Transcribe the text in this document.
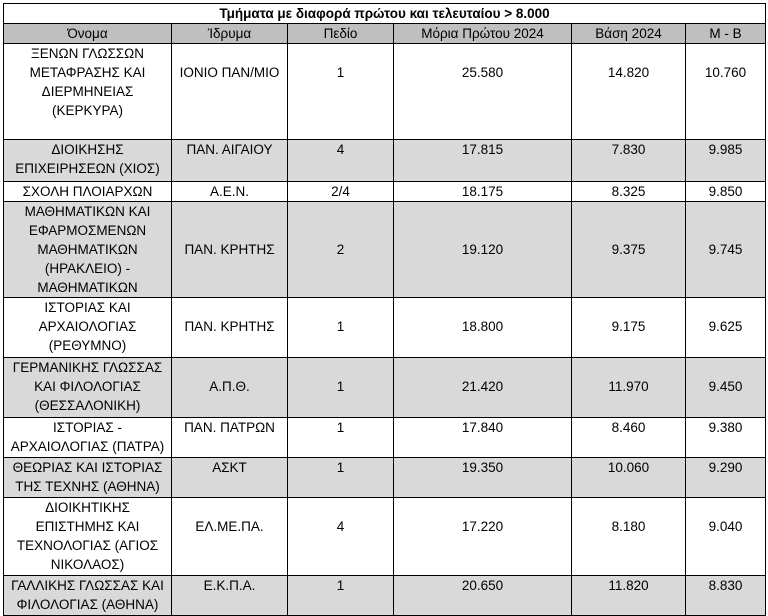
Τμήματα με διαφορά πρώτου και τελευταίου > 8.000					
Όνομα	Ίδρυμα	Πεδίο	Μόρια Πρώτου 2024	Βάση 2024	Μ - Β
ΞΕΝΩΝ ΓΛΩΣΣΩΝ ΜΕΤΑΦΡΑΣΗΣ ΚΑΙ ΔΙΕΡΜΗΝΕΙΑΣ (ΚΕΡΚΥΡΑ)	ΙΟΝΙΟ ΠΑΝ/ΜΙΟ	1	25.580	14.820	10.760
ΔΙΟΙΚΗΣΗΣ ΕΠΙΧΕΙΡΗΣΕΩΝ (ΧΙΟΣ)	ΠΑΝ. ΑΙΓΑΙΟΥ	4	17.815	7.830	9.985
ΣΧΟΛΗ ΠΛΟΙΑΡΧΩΝ	Α.Ε.Ν.	2/4	18.175	8.325	9.850
ΜΑΘΗΜΑΤΙΚΩΝ ΚΑΙ ΕΦΑΡΜΟΣΜΕΝΩΝ ΜΑΘΗΜΑΤΙΚΩΝ (ΗΡΑΚΛΕΙΟ) - ΜΑΘΗΜΑΤΙΚΩΝ	ΠΑΝ. ΚΡΗΤΗΣ	2	19.120	9.375	9.745
ΙΣΤΟΡΙΑΣ ΚΑΙ ΑΡΧΑΙΟΛΟΓΙΑΣ (ΡΕΘΥΜΝΟ)	ΠΑΝ. ΚΡΗΤΗΣ	1	18.800	9.175	9.625
ΓΕΡΜΑΝΙΚΗΣ ΓΛΩΣΣΑΣ ΚΑΙ ΦΙΛΟΛΟΓΙΑΣ (ΘΕΣΣΑΛΟΝΙΚΗ)	Α.Π.Θ.	1	21.420	11.970	9.450
ΙΣΤΟΡΙΑΣ - ΑΡΧΑΙΟΛΟΓΙΑΣ (ΠΑΤΡΑ)	ΠΑΝ. ΠΑΤΡΩΝ	1	17.840	8.460	9.380
ΘΕΩΡΙΑΣ ΚΑΙ ΙΣΤΟΡΙΑΣ ΤΗΣ ΤΕΧΝΗΣ (ΑΘΗΝΑ)	ΑΣΚΤ	1	19.350	10.060	9.290
ΔΙΟΙΚΗΤΙΚΗΣ ΕΠΙΣΤΗΜΗΣ ΚΑΙ ΤΕΧΝΟΛΟΓΙΑΣ (ΑΓΙΟΣ ΝΙΚΟΛΑΟΣ)	ΕΛ.ΜΕ.ΠΑ.	4	17.220	8.180	9.040
ΓΑΛΛΙΚΗΣ ΓΛΩΣΣΑΣ ΚΑΙ ΦΙΛΟΛΟΓΙΑΣ (ΑΘΗΝΑ)	Ε.Κ.Π.Α.	1	20.650	11.820	8.830
